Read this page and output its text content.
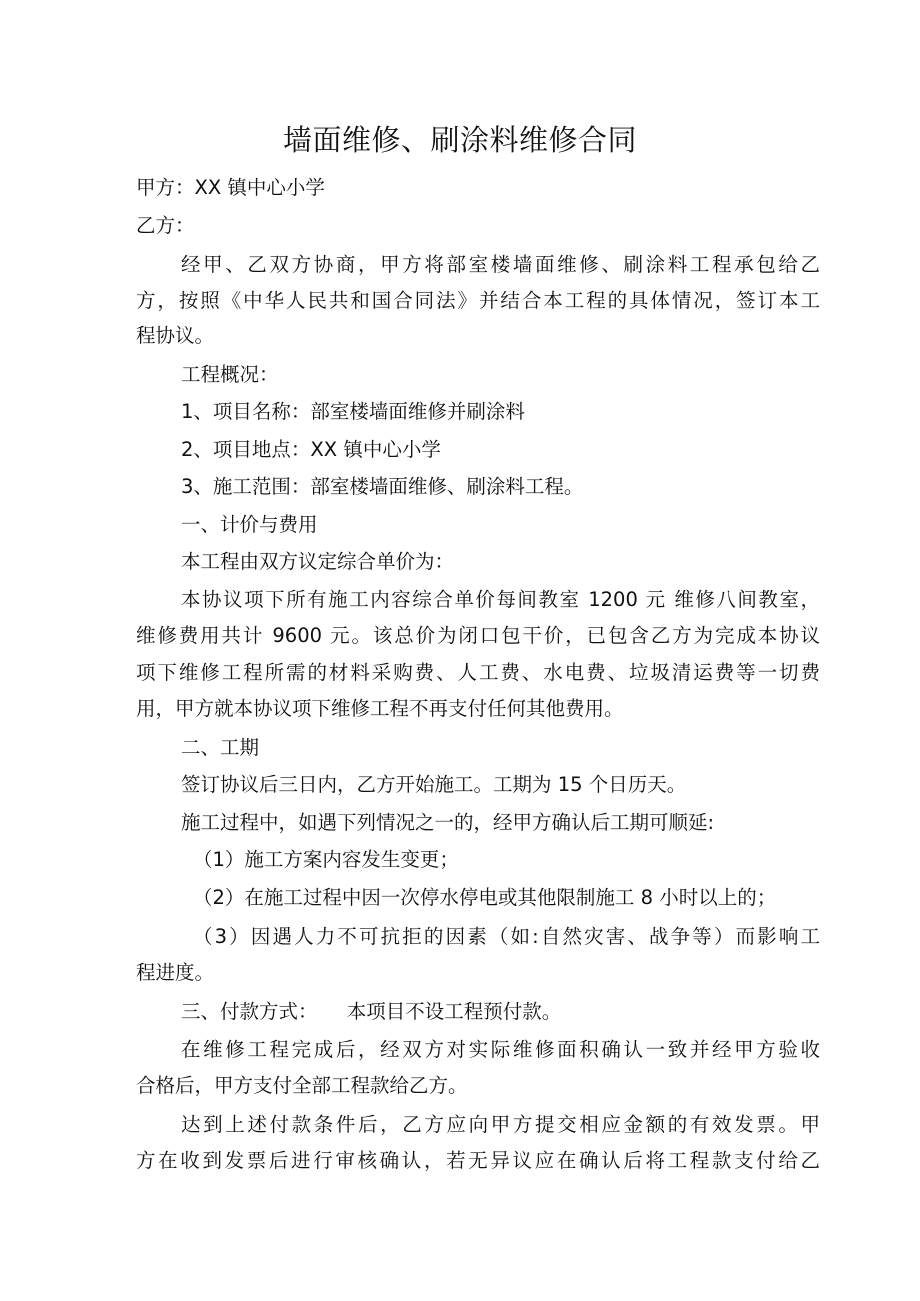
墙面维修、刷涂料维修合同
甲方：XX 镇中心小学
乙方：
经甲、乙双方协商，甲方将部室楼墙面维修、刷涂料工程承包给乙
方，按照《中华人民共和国合同法》并结合本工程的具体情况，签订本工
程协议。
工程概况：
1、项目名称：部室楼墙面维修并刷涂料
2、项目地点：XX 镇中心小学
3、施工范围：部室楼墙面维修、刷涂料工程。
一、计价与费用
本工程由双方议定综合单价为：
本协议项下所有施工内容综合单价每间教室 1200 元 维修八间教室，
维修费用共计 9600 元。该总价为闭口包干价，已包含乙方为完成本协议
项下维修工程所需的材料采购费、人工费、水电费、垃圾清运费等一切费
用，甲方就本协议项下维修工程不再支付任何其他费用。
二、工期
签订协议后三日内，乙方开始施工。工期为 15 个日历天。
施工过程中，如遇下列情况之一的，经甲方确认后工期可顺延:
（1）施工方案内容发生变更；
（2）在施工过程中因一次停水停电或其他限制施工 8 小时以上的；
（3）因遇人力不可抗拒的因素（如:自然灾害、战争等）而影响工
程进度。
三、付款方式：　　本项目不设工程预付款。
在维修工程完成后，经双方对实际维修面积确认一致并经甲方验收
合格后，甲方支付全部工程款给乙方。
达到上述付款条件后，乙方应向甲方提交相应金额的有效发票。甲
方在收到发票后进行审核确认，若无异议应在确认后将工程款支付给乙
